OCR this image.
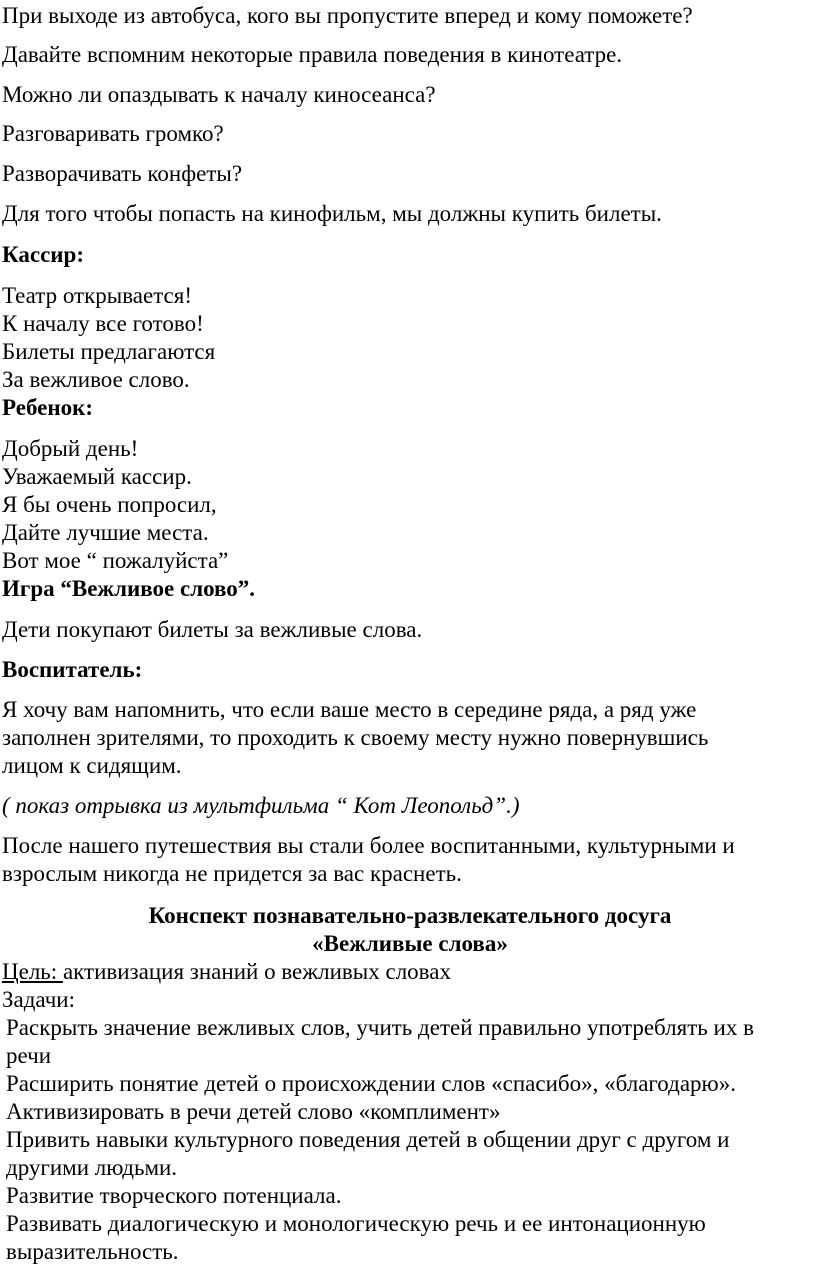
При выходе из автобуса, кого вы пропустите вперед и кому поможете?
Давайте вспомним некоторые правила поведения в кинотеатре.
Можно ли опаздывать к началу киносеанса?
Разговаривать громко?
Разворачивать конфеты?
Для того чтобы попасть на кинофильм, мы должны купить билеты.
Кассир:
Театр открывается!
К началу все готово!
Билеты предлагаются
За вежливое слово.
Ребенок:
Добрый день!
Уважаемый кассир.
Я бы очень попросил,
Дайте лучшие места.
Вот мое “ пожалуйста”
Игра “Вежливое слово”.
Дети покупают билеты за вежливые слова.
Воспитатель:
Я хочу вам напомнить, что если ваше место в середине ряда, а ряд уже
заполнен зрителями, то проходить к своему месту нужно повернувшись
лицом к сидящим.
( показ отрывка из мультфильма “ Кот Леопольд”.)
После нашего путешествия вы стали более воспитанными, культурными и
взрослым никогда не придется за вас краснеть.
Конспект познавательно-развлекательного досуга
«Вежливые слова»
Цель: активизация знаний о вежливых словах
Задачи:
Раскрыть значение вежливых слов, учить детей правильно употреблять их в
речи
Расширить понятие детей о происхождении слов «спасибо», «благодарю».
Активизировать в речи детей слово «комплимент»
Привить навыки культурного поведения детей в общении друг с другом и
другими людьми.
Развитие творческого потенциала.
Развивать диалогическую и монологическую речь и ее интонационную
выразительность.
